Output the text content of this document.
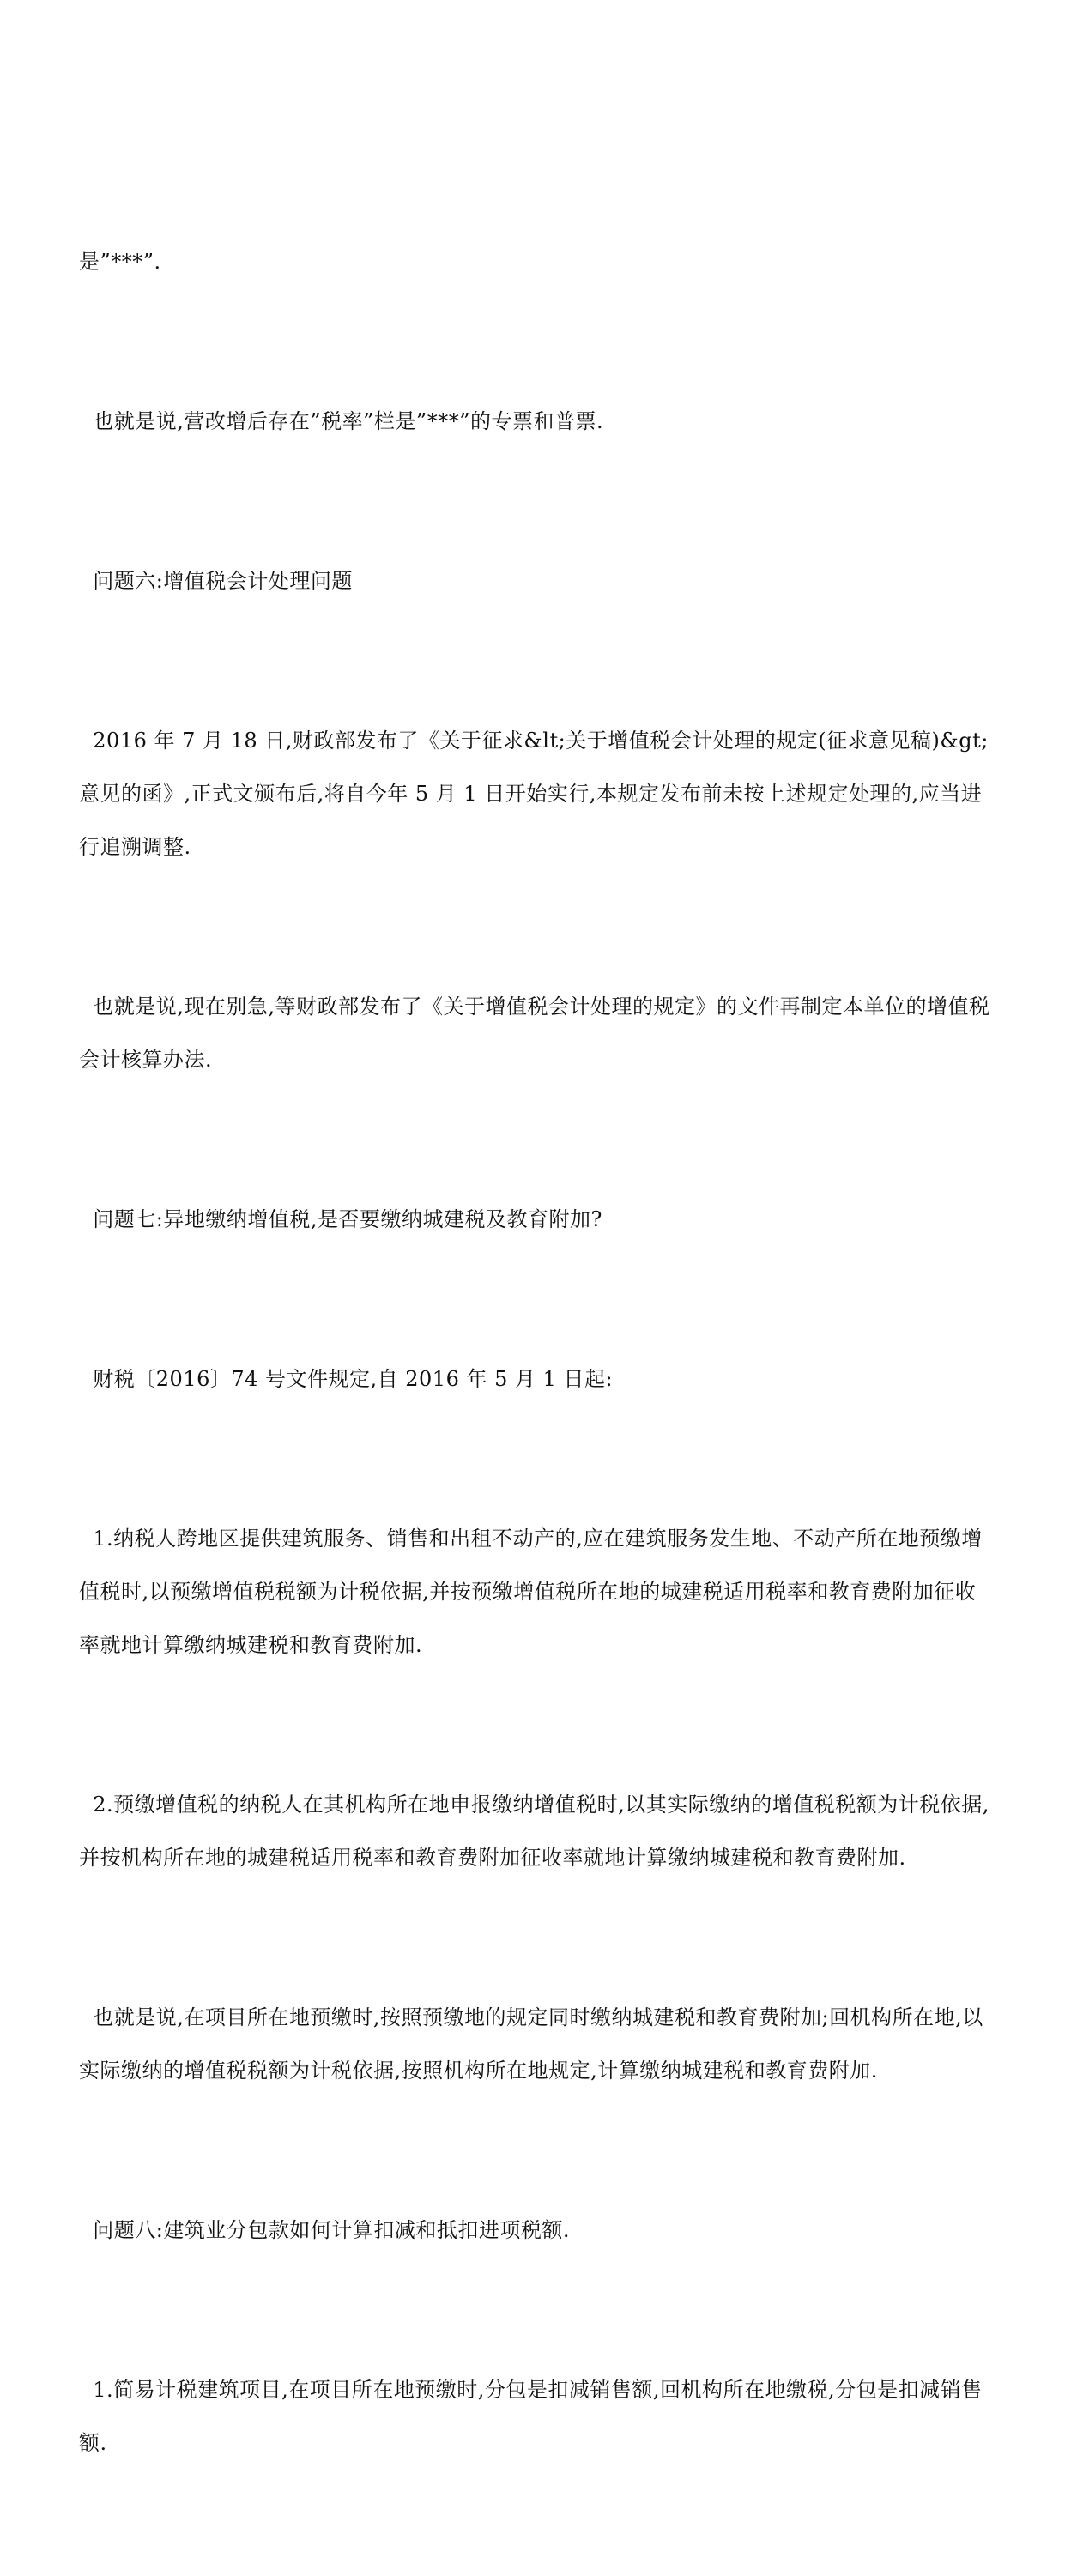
是”***”.

也就是说,营改增后存在”税率”栏是”***”的专票和普票.

问题六:增值税会计处理问题

2016 年 7 月 18 日,财政部发布了《关于征求&lt;关于增值税会计处理的规定(征求意见稿)&gt;意见的函》,正式文颁布后,将自今年 5 月 1 日开始实行,本规定发布前未按上述规定处理的,应当进行追溯调整.

也就是说,现在别急,等财政部发布了《关于增值税会计处理的规定》的文件再制定本单位的增值税会计核算办法.

问题七:异地缴纳增值税,是否要缴纳城建税及教育附加?

财税〔2016〕74 号文件规定,自 2016 年 5 月 1 日起:

1.纳税人跨地区提供建筑服务、销售和出租不动产的,应在建筑服务发生地、不动产所在地预缴增值税时,以预缴增值税税额为计税依据,并按预缴增值税所在地的城建税适用税率和教育费附加征收率就地计算缴纳城建税和教育费附加.

2.预缴增值税的纳税人在其机构所在地申报缴纳增值税时,以其实际缴纳的增值税税额为计税依据,并按机构所在地的城建税适用税率和教育费附加征收率就地计算缴纳城建税和教育费附加.

也就是说,在项目所在地预缴时,按照预缴地的规定同时缴纳城建税和教育费附加;回机构所在地,以实际缴纳的增值税税额为计税依据,按照机构所在地规定,计算缴纳城建税和教育费附加.

问题八:建筑业分包款如何计算扣减和抵扣进项税额.

1.简易计税建筑项目,在项目所在地预缴时,分包是扣减销售额,回机构所在地缴税,分包是扣减销售额.
